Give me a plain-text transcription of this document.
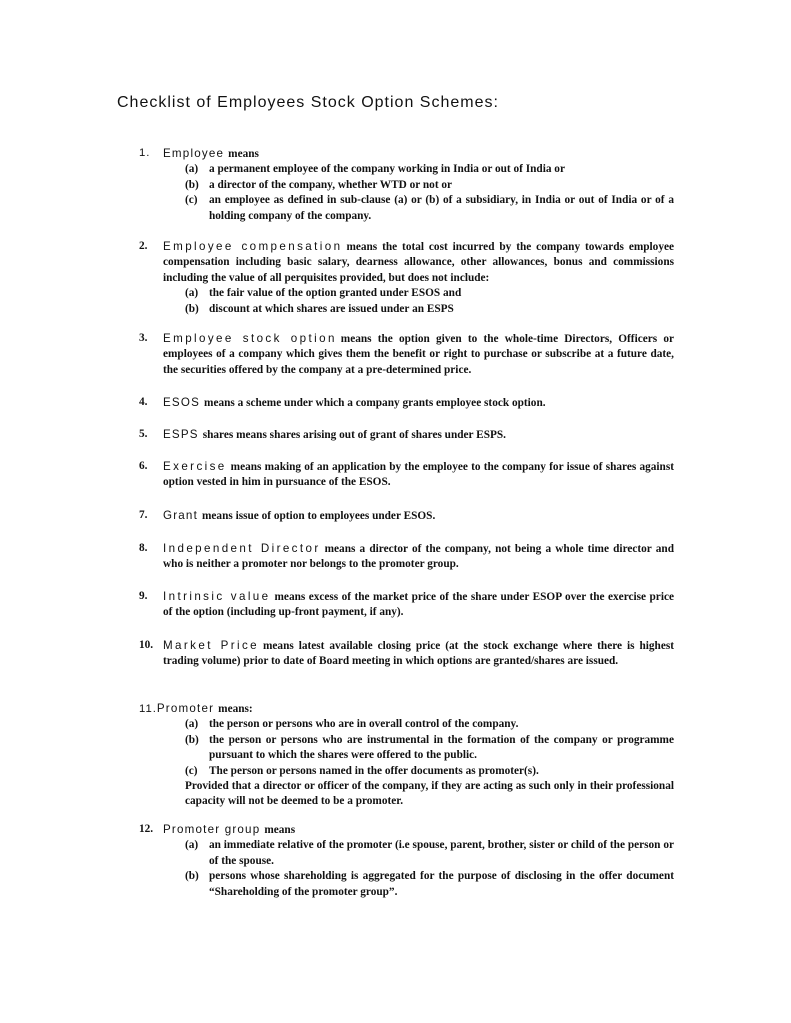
Checklist of Employees Stock Option Schemes:
1. Employee means
(a) a permanent employee of the company working in India or out of India or
(b) a director of the company, whether WTD or not or
(c) an employee as defined in sub-clause (a) or (b) of a subsidiary, in India or out of India or of a holding company of the company.
2. Employee compensation means the total cost incurred by the company towards employee compensation including basic salary, dearness allowance, other allowances, bonus and commissions including the value of all perquisites provided, but does not include:
(a) the fair value of the option granted under ESOS and
(b) discount at which shares are issued under an ESPS
3. Employee stock option means the option given to the whole-time Directors, Officers or employees of a company which gives them the benefit or right to purchase or subscribe at a future date, the securities offered by the company at a pre-determined price.
4. ESOS means a scheme under which a company grants employee stock option.
5. ESPS shares means shares arising out of grant of shares under ESPS.
6. Exercise means making of an application by the employee to the company for issue of shares against option vested in him in pursuance of the ESOS.
7. Grant means issue of option to employees under ESOS.
8. Independent Director means a director of the company, not being a whole time director and who is neither a promoter nor belongs to the promoter group.
9. Intrinsic value means excess of the market price of the share under ESOP over the exercise price of the option (including up-front payment, if any).
10. Market Price means latest available closing price (at the stock exchange where there is highest trading volume) prior to date of Board meeting in which options are granted/shares are issued.
11.Promoter means:
(a) the person or persons who are in overall control of the company.
(b) the person or persons who are instrumental in the formation of the company or programme pursuant to which the shares were offered to the public.
(c) The person or persons named in the offer documents as promoter(s).
Provided that a director or officer of the company, if they are acting as such only in their professional capacity will not be deemed to be a promoter.
12. Promoter group means
(a) an immediate relative of the promoter (i.e spouse, parent, brother, sister or child of the person or of the spouse.
(b) persons whose shareholding is aggregated for the purpose of disclosing in the offer document “Shareholding of the promoter group”.
